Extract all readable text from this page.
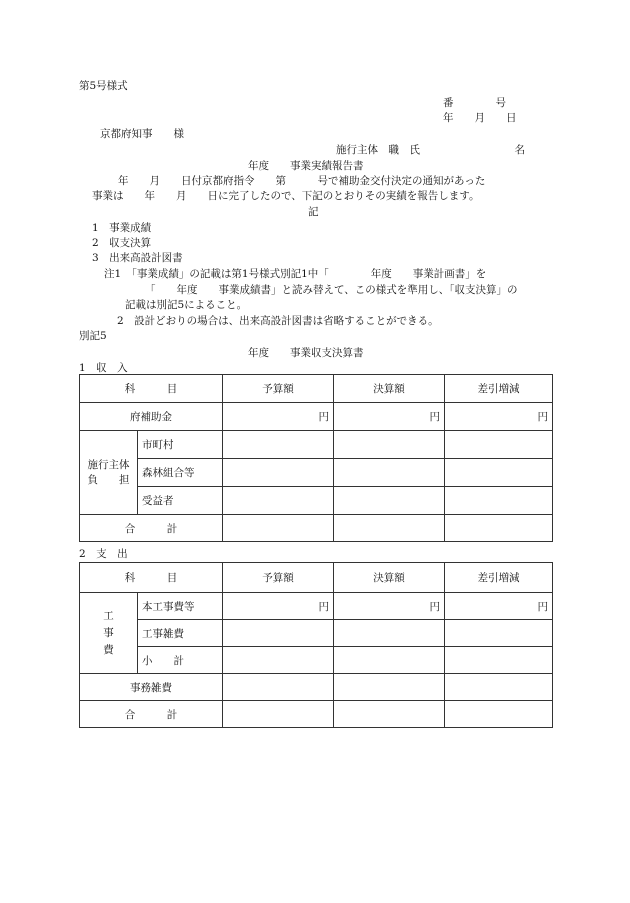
第5号様式
番　　　　号
年　　月　　日
京都府知事　　様
施行主体　職　氏　　　　　　　　　名
年度　　事業実績報告書
年　　月　　日付京都府指令　　第　　　号で補助金交付決定の通知があった
事業は　　年　　月　　日に完了したので、下記のとおりその実績を報告します。
記
1　事業成績
2　収支決算
3　出来高設計図書
注1　「事業成績」の記載は第1号様式別記1中「　　　　年度　　事業計画書」を
「　　年度　　事業成績書」と読み替えて、この様式を準用し、「収支決算」の
記載は別記5によること。
2　設計どおりの場合は、出来高設計図書は省略することができる。
別記5
年度　　事業収支決算書
1　収　入
科　　　目		予算額	決算額	差引増減
府補助金		円	円	円
施行主体
負　　担	市町村			
	森林組合等			
	受益者			
合　　　計				
2　支　出
科　　　目		予算額	決算額	差引増減
工
事
費	本工事費等	円	円	円
	工事雑費			
	小　　計			
事務雑費				
合　　　計				
